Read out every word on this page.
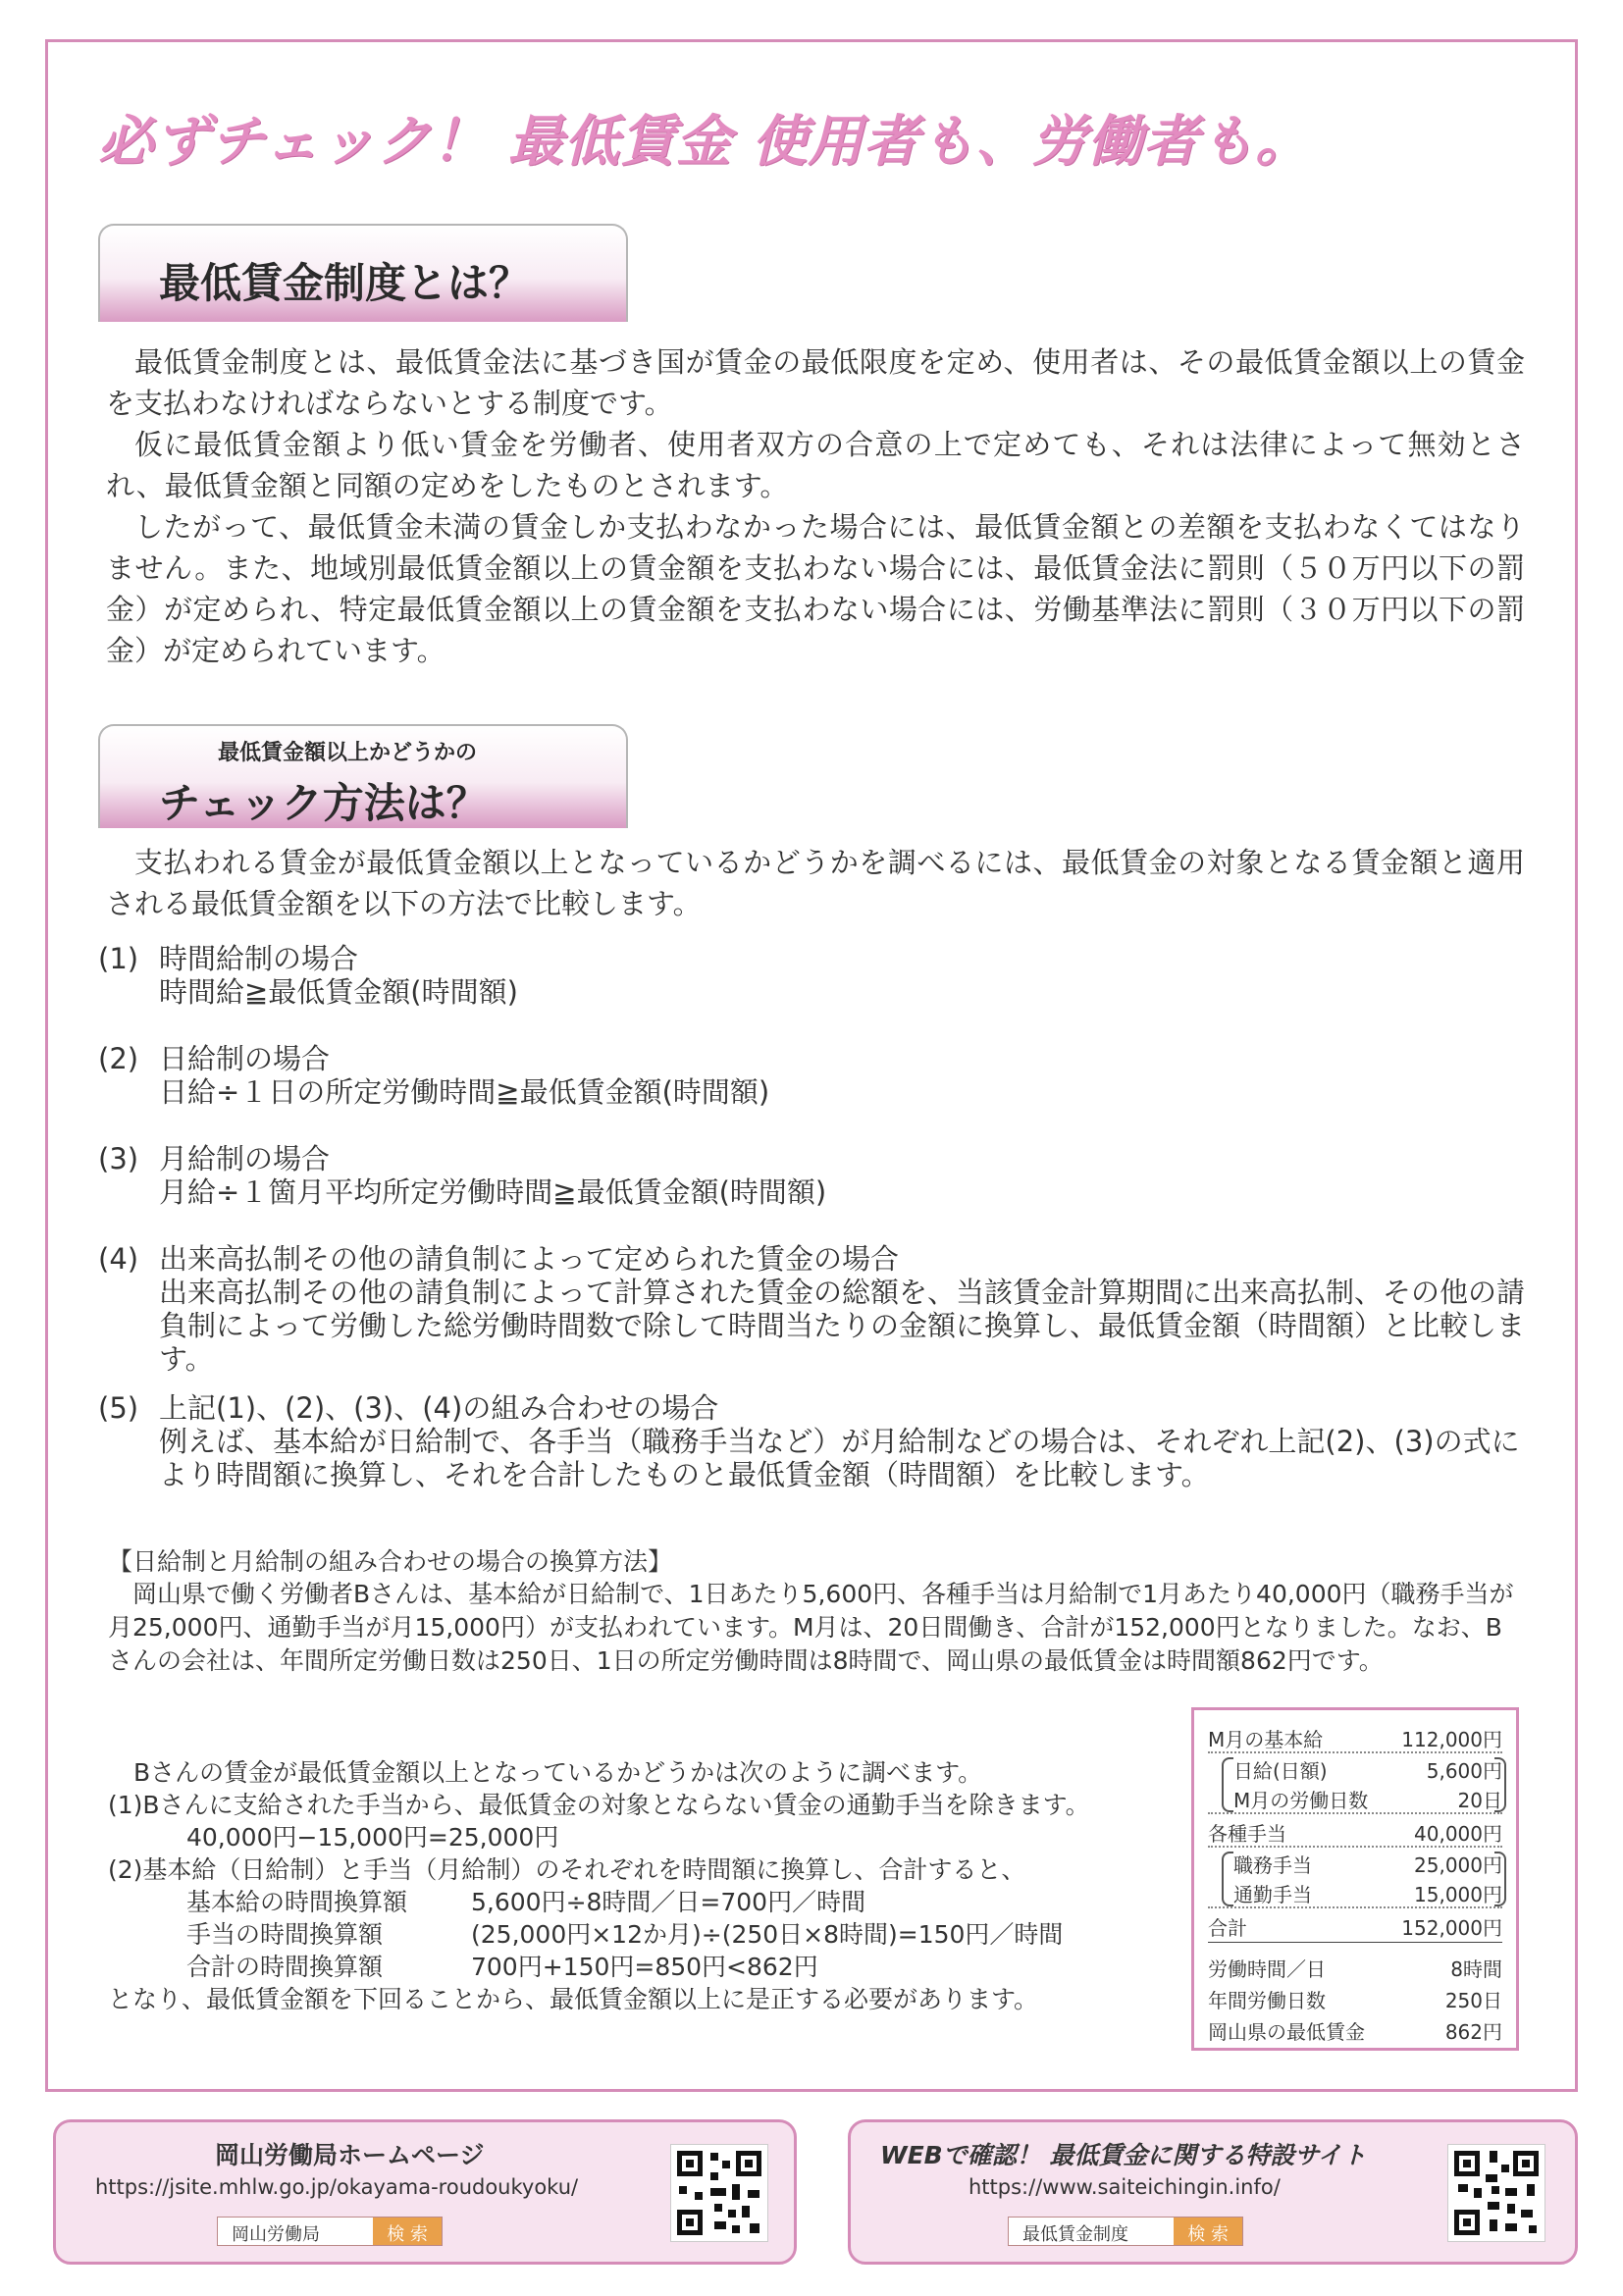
必ずチェック！ 最低賃金 使用者も、労働者も。
最低賃金制度とは？

最低賃金制度とは、最低賃金法に基づき国が賃金の最低限度を定め、使用者は、その最低賃金額以上の賃金を支払わなければならないとする制度です。

仮に最低賃金額より低い賃金を労働者、使用者双方の合意の上で定めても、それは法律によって無効とされ、最低賃金額と同額の定めをしたものとされます。

したがって、最低賃金未満の賃金しか支払わなかった場合には、最低賃金額との差額を支払わなくてはなりません。また、地域別最低賃金額以上の賃金額を支払わない場合には、最低賃金法に罰則（５０万円以下の罰金）が定められ、特定最低賃金額以上の賃金額を支払わない場合には、労働基準法に罰則（３０万円以下の罰金）が定められています。

最低賃金額以上かどうかの
チェック方法は？

支払われる賃金が最低賃金額以上となっているかどうかを調べるには、最低賃金の対象となる賃金額と適用される最低賃金額を以下の方法で比較します。

(1) 時間給制の場合
時間給≧最低賃金額(時間額)
(2) 日給制の場合
日給÷１日の所定労働時間≧最低賃金額(時間額)
(3) 月給制の場合
月給÷１箇月平均所定労働時間≧最低賃金額(時間額)
(4) 出来高払制その他の請負制によって定められた賃金の場合
出来高払制その他の請負制によって計算された賃金の総額を、当該賃金計算期間に出来高払制、その他の請負制によって労働した総労働時間数で除して時間当たりの金額に換算し、最低賃金額（時間額）と比較します。
(5) 上記(1)、(2)、(3)、(4)の組み合わせの場合
例えば、基本給が日給制で、各手当（職務手当など）が月給制などの場合は、それぞれ上記(2)、(3)の式により時間額に換算し、それを合計したものと最低賃金額（時間額）を比較します。
【日給制と月給制の組み合わせの場合の換算方法】

岡山県で働く労働者Bさんは、基本給が日給制で、1日あたり5,600円、各種手当は月給制で1月あたり40,000円（職務手当が月25,000円、通勤手当が月15,000円）が支払われています。M月は、20日間働き、合計が152,000円となりました。なお、Bさんの会社は、年間所定労働日数は250日、1日の所定労働時間は8時間で、岡山県の最低賃金は時間額862円です。

Bさんの賃金が最低賃金額以上となっているかどうかは次のように調べます。
(1)Bさんに支給された手当から、最低賃金の対象とならない賃金の通勤手当を除きます。
40,000円−15,000円=25,000円
(2)基本給（日給制）と手当（月給制）のそれぞれを時間額に換算し、合計すると、
基本給の時間換算額	5,600円÷8時間／日=700円／時間
手当の時間換算額	(25,000円×12か月)÷(250日×8時間)=150円／時間
合計の時間換算額	700円+150円=850円<862円
となり、最低賃金額を下回ることから、最低賃金額以上に是正する必要があります。
M月の基本給	112,000円
日給(日額)	5,600円
M月の労働日数	20日
各種手当	40,000円
職務手当	25,000円
通勤手当	15,000円
合計	152,000円
労働時間／日	8時間
年間労働日数	250日
岡山県の最低賃金	862円
岡山労働局ホームページ
https://jsite.mhlw.go.jp/okayama-roudoukyoku/
岡山労働局	検 索
WEBで確認！ 最低賃金に関する特設サイト
https://www.saiteichingin.info/
最低賃金制度	検 索
